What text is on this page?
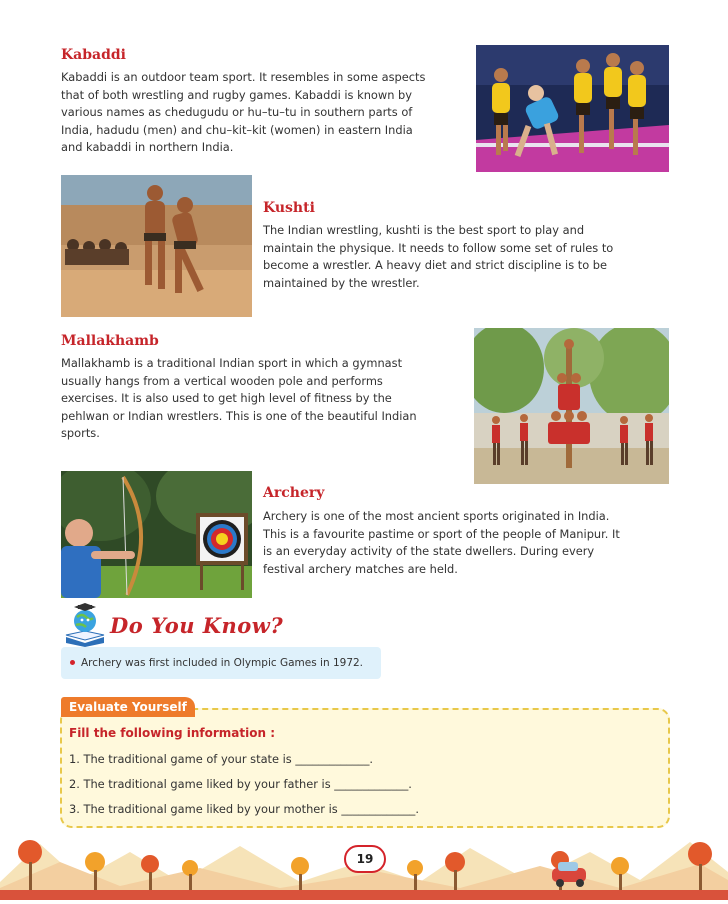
Kabaddi
Kabaddi is an outdoor team sport. It resembles in some aspects
that of both wrestling and rugby games. Kabaddi is known by
various names as chedugudu or hu–tu–tu in southern parts of
India, hadudu (men) and chu–kit–kit (women) in eastern India
and kabaddi in northern India.
Kushti
The Indian wrestling, kushti is the best sport to play and
maintain the physique. It needs to follow some set of rules to
become a wrestler. A heavy diet and strict discipline is to be
maintained by the wrestler.
Mallakhamb
Mallakhamb is a traditional Indian sport in which a gymnast
usually hangs from a vertical wooden pole and performs
exercises. It is also used to get high level of fitness by the
pehlwan or Indian wrestlers. This is one of the beautiful Indian
sports.
Archery
Archery is one of the most ancient sports originated in India.
This is a favourite pastime or sport of the people of Manipur. It
is an everyday activity of the state dwellers. During every
festival archery matches are held.
Do You Know?
Archery was first included in Olympic Games in 1972.
Evaluate Yourself
Fill the following information :
1. The traditional game of your state is _____________.
2. The traditional game liked by your father is _____________.
3. The traditional game liked by your mother is _____________.
19
